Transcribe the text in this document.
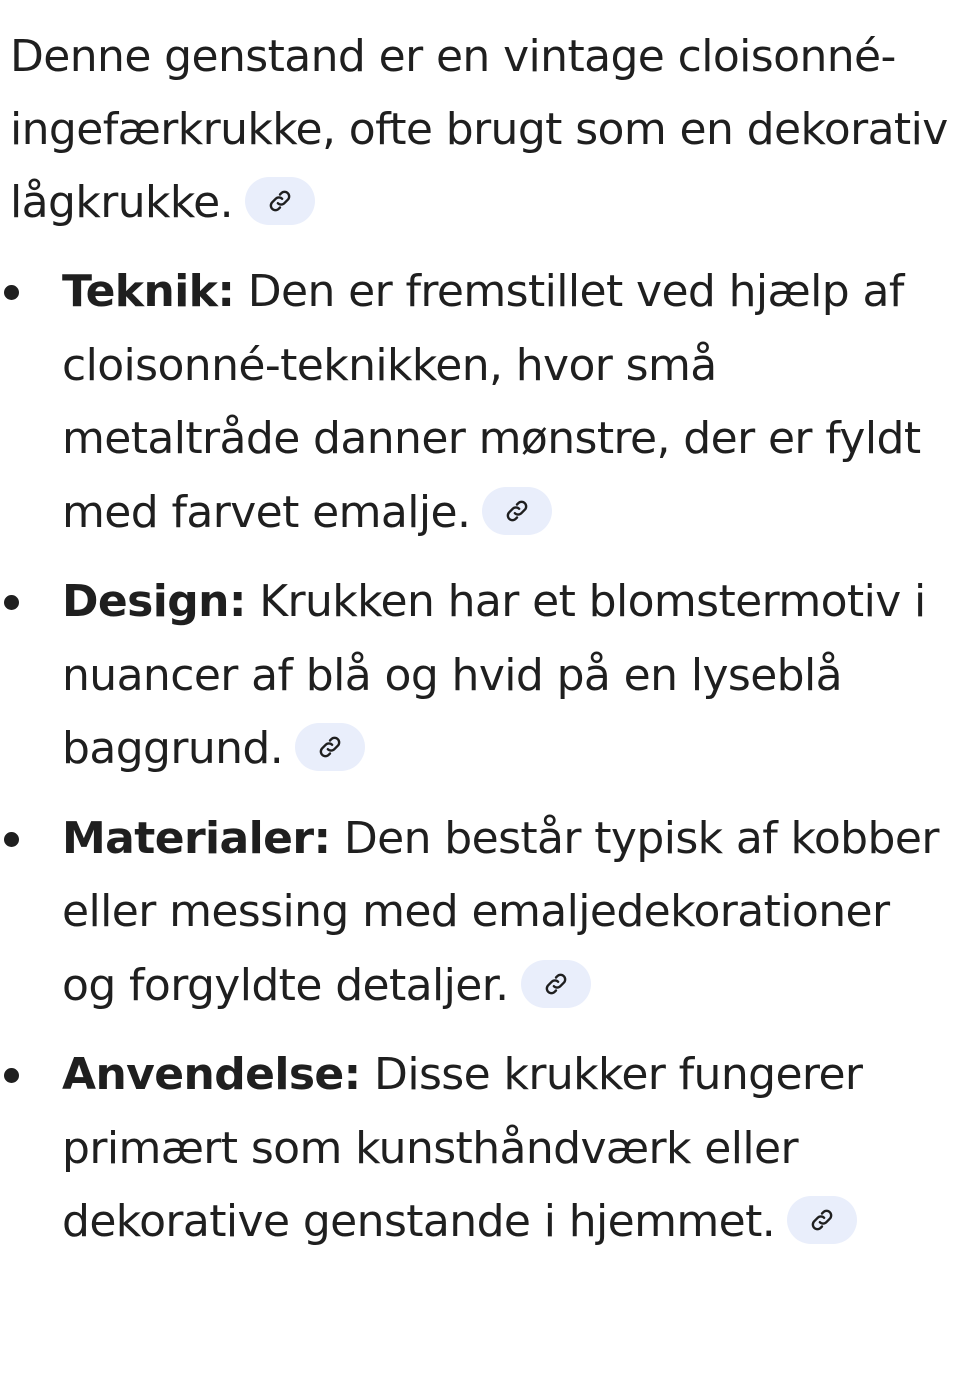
Denne genstand er en vintage cloisonné-ingefærkrukke, ofte brugt som en dekorativ lågkrukke.

Teknik: Den er fremstillet ved hjælp af cloisonné-teknikken, hvor små metaltråde danner mønstre, der er fyldt med farvet emalje.
Design: Krukken har et blomstermotiv i nuancer af blå og hvid på en lyseblå baggrund.
Materialer: Den består typisk af kobber eller messing med emaljedekorationer og forgyldte detaljer.
Anvendelse: Disse krukker fungerer primært som kunsthåndværk eller dekorative genstande i hjemmet.
